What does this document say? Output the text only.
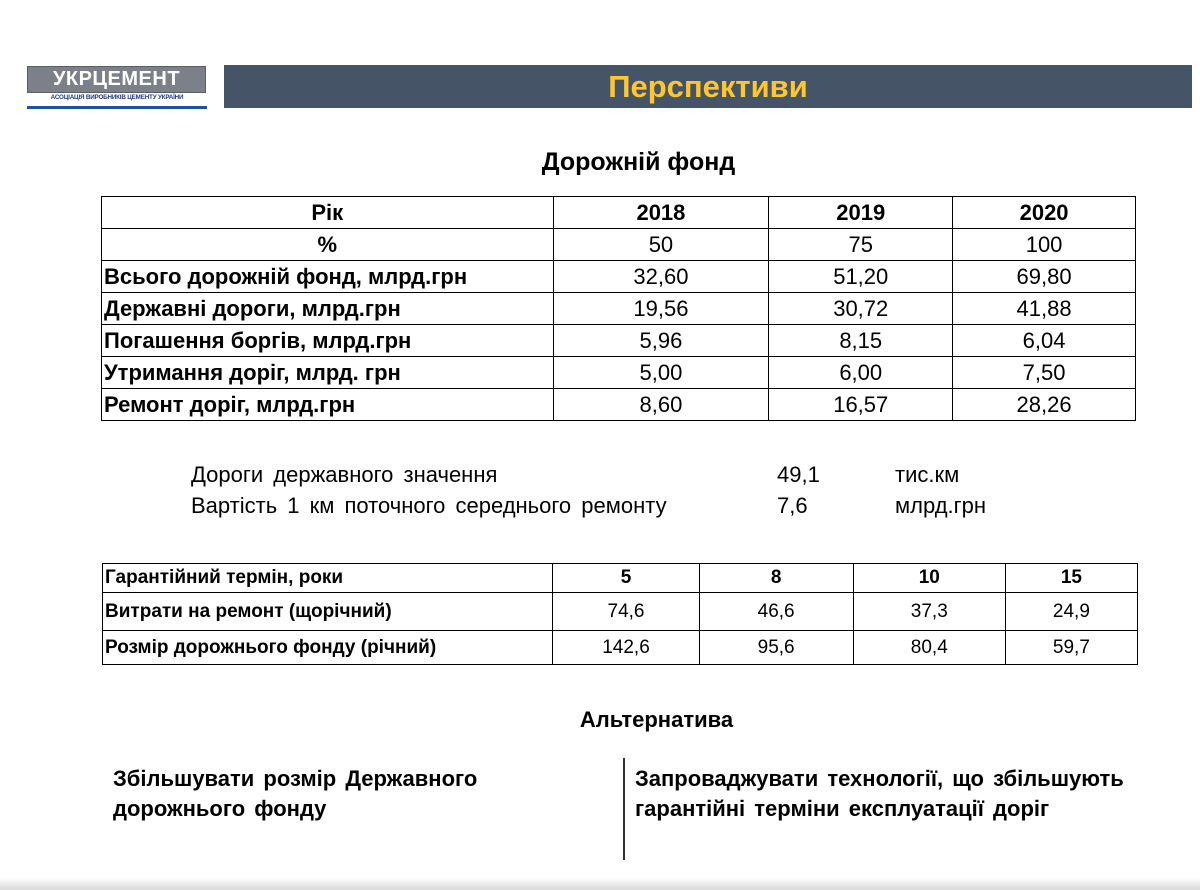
УКРЦЕМЕНТ
АСОЦІАЦІЯ ВИРОБНИКІВ ЦЕМЕНТУ УКРАЇНИ	Перспективи
Дорожній фонд
Рік	2018	2019	2020
%	50	75	100
Всього дорожній фонд, млрд.грн	32,60	51,20	69,80
Державні дороги, млрд.грн	19,56	30,72	41,88
Погашення боргів, млрд.грн	5,96	8,15	6,04
Утримання доріг, млрд. грн	5,00	6,00	7,50
Ремонт доріг, млрд.грн	8,60	16,57	28,26
Дороги державного значення	49,1	тис.км
Вартість 1 км поточного середнього ремонту	7,6	млрд.грн
Гарантійний термін, роки	5	8	10	15
Витрати на ремонт (щорічний)	74,6	46,6	37,3	24,9
Розмір дорожнього фонду (річний)	142,6	95,6	80,4	59,7
Альтернатива
Збільшувати розмір Державного дорожнього фонду
Запроваджувати технології, що збільшують гарантійні терміни експлуатації доріг
